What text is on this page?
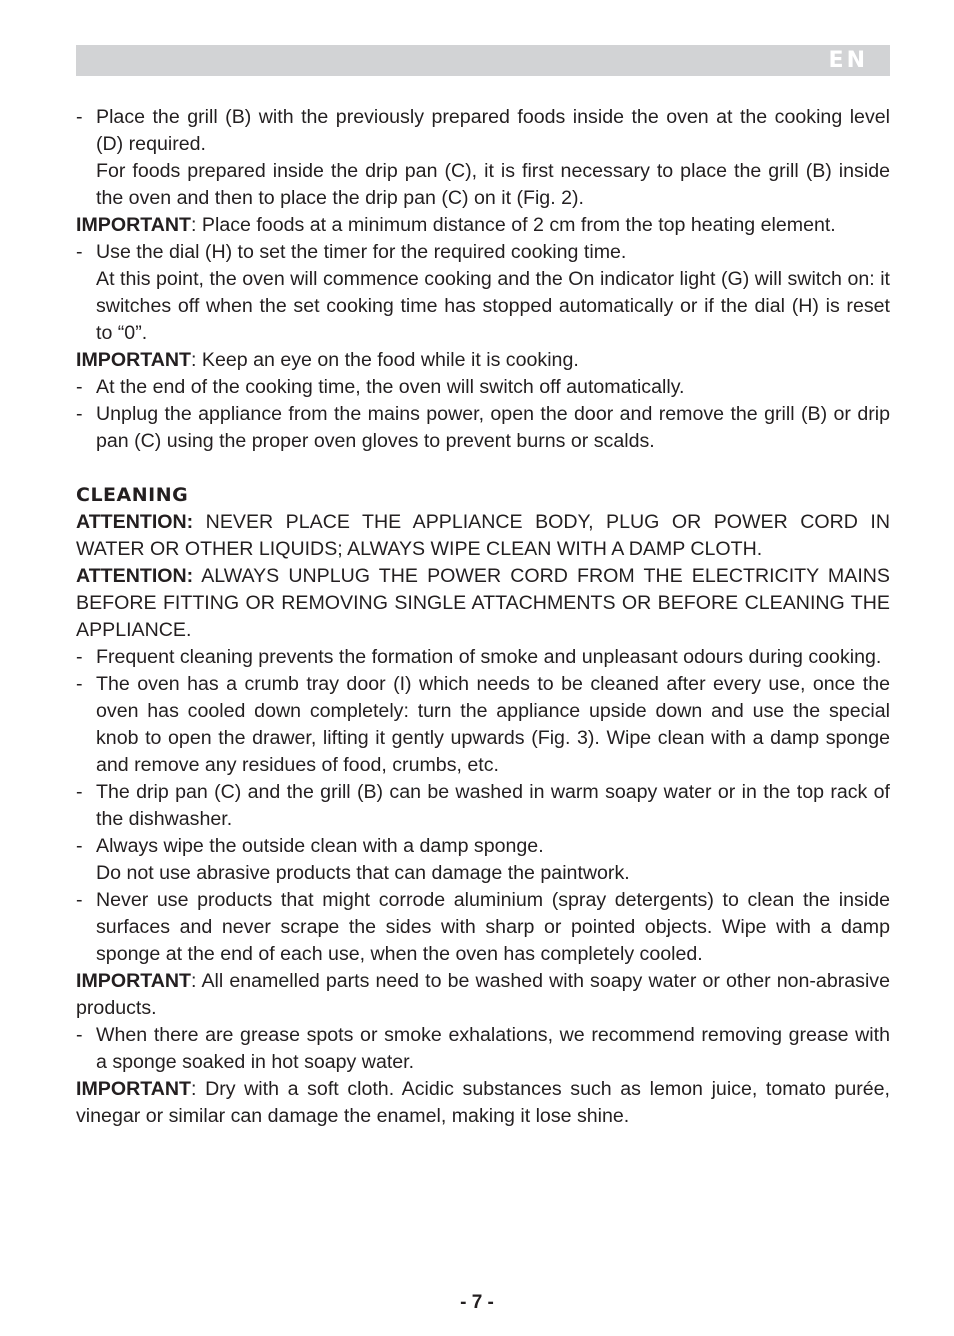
EN

- Place the grill (B) with the previously prepared foods inside the oven at the cooking level (D) required.

For foods prepared inside the drip pan (C), it is first necessary to place the grill (B) inside the oven and then to place the drip pan (C) on it (Fig. 2).

IMPORTANT: Place foods at a minimum distance of 2 cm from the top heating element.

- Use the dial (H) to set the timer for the required cooking time.

At this point, the oven will commence cooking and the On indicator light (G) will switch on: it switches off when the set cooking time has stopped automatically or if the dial (H) is reset to “0”.

IMPORTANT: Keep an eye on the food while it is cooking.

- At the end of the cooking time, the oven will switch off automatically.

- Unplug the appliance from the mains power, open the door and remove the grill (B) or drip pan (C) using the proper oven gloves to prevent burns or scalds.

CLEANING

ATTENTION: NEVER PLACE THE APPLIANCE BODY, PLUG OR POWER CORD IN WATER OR OTHER LIQUIDS; ALWAYS WIPE CLEAN WITH A DAMP CLOTH.

ATTENTION: ALWAYS UNPLUG THE POWER CORD FROM THE ELECTRICITY MAINS BEFORE FITTING OR REMOVING SINGLE ATTACHMENTS OR BEFORE CLEANING THE APPLIANCE.

- Frequent cleaning prevents the formation of smoke and unpleasant odours during cooking.

- The oven has a crumb tray door (I) which needs to be cleaned after every use, once the oven has cooled down completely: turn the appliance upside down and use the special knob to open the drawer, lifting it gently upwards (Fig. 3). Wipe clean with a damp sponge and remove any residues of food, crumbs, etc.

- The drip pan (C) and the grill (B) can be washed in warm soapy water or in the top rack of the dishwasher.

- Always wipe the outside clean with a damp sponge.

Do not use abrasive products that can damage the paintwork.

- Never use products that might corrode aluminium (spray detergents) to clean the inside surfaces and never scrape the sides with sharp or pointed objects. Wipe with a damp sponge at the end of each use, when the oven has completely cooled.

IMPORTANT: All enamelled parts need to be washed with soapy water or other non-abrasive products.

- When there are grease spots or smoke exhalations, we recommend removing grease with a sponge soaked in hot soapy water.

IMPORTANT: Dry with a soft cloth. Acidic substances such as lemon juice, tomato purée, vinegar or similar can damage the enamel, making it lose shine.

- 7 -
